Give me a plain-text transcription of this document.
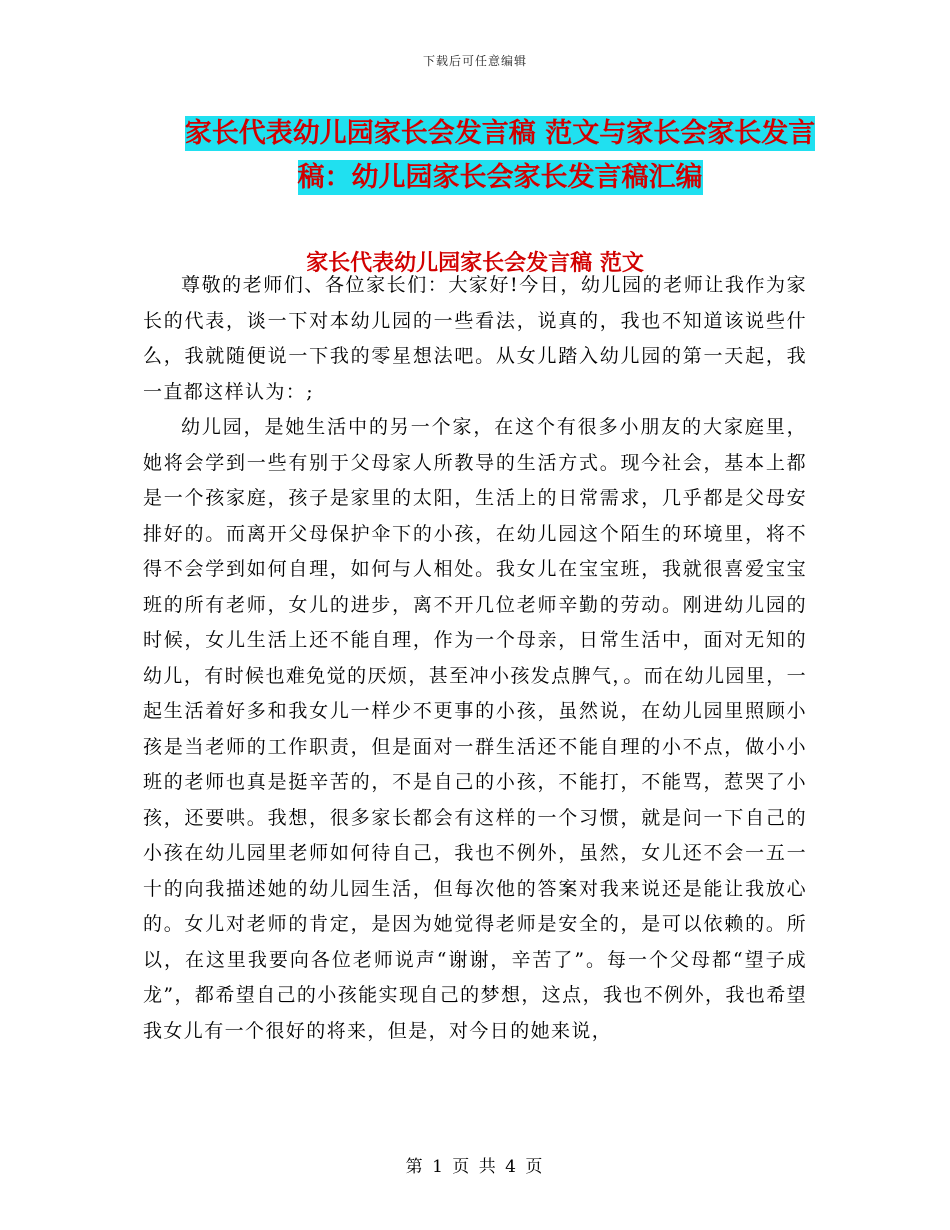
下载后可任意编辑
家长代表幼儿园家长会发言稿 范文与家长会家长发言
稿：幼儿园家长会家长发言稿汇编
家长代表幼儿园家长会发言稿 范文

尊敬的老师们、各位家长们：大家好!今日，幼儿园的老师让我作为家长的代表，谈一下对本幼儿园的一些看法，说真的，我也不知道该说些什么，我就随便说一下我的零星想法吧。从女儿踏入幼儿园的第一天起，我一直都这样认为：;

幼儿园，是她生活中的另一个家，在这个有很多小朋友的大家庭里，她将会学到一些有别于父母家人所教导的生活方式。现今社会，基本上都是一个孩家庭，孩子是家里的太阳，生活上的日常需求，几乎都是父母安排好的。而离开父母保护伞下的小孩，在幼儿园这个陌生的环境里，将不得不会学到如何自理，如何与人相处。我女儿在宝宝班，我就很喜爱宝宝班的所有老师，女儿的进步，离不开几位老师辛勤的劳动。刚进幼儿园的时候，女儿生活上还不能自理，作为一个母亲，日常生活中，面对无知的幼儿，有时候也难免觉的厌烦，甚至冲小孩发点脾气，。而在幼儿园里，一起生活着好多和我女儿一样少不更事的小孩，虽然说，在幼儿园里照顾小孩是当老师的工作职责，但是面对一群生活还不能自理的小不点，做小小班的老师也真是挺辛苦的，不是自己的小孩，不能打，不能骂，惹哭了小孩，还要哄。我想，很多家长都会有这样的一个习惯，就是问一下自己的小孩在幼儿园里老师如何待自己，我也不例外，虽然，女儿还不会一五一十的向我描述她的幼儿园生活，但每次他的答案对我来说还是能让我放心的。女儿对老师的肯定，是因为她觉得老师是安全的，是可以依赖的。所以，在这里我要向各位老师说声“谢谢，辛苦了”。每一个父母都“望子成龙”，都希望自己的小孩能实现自己的梦想，这点，我也不例外，我也希望我女儿有一个很好的将来，但是，对今日的她来说，

第 1 页 共 4 页
